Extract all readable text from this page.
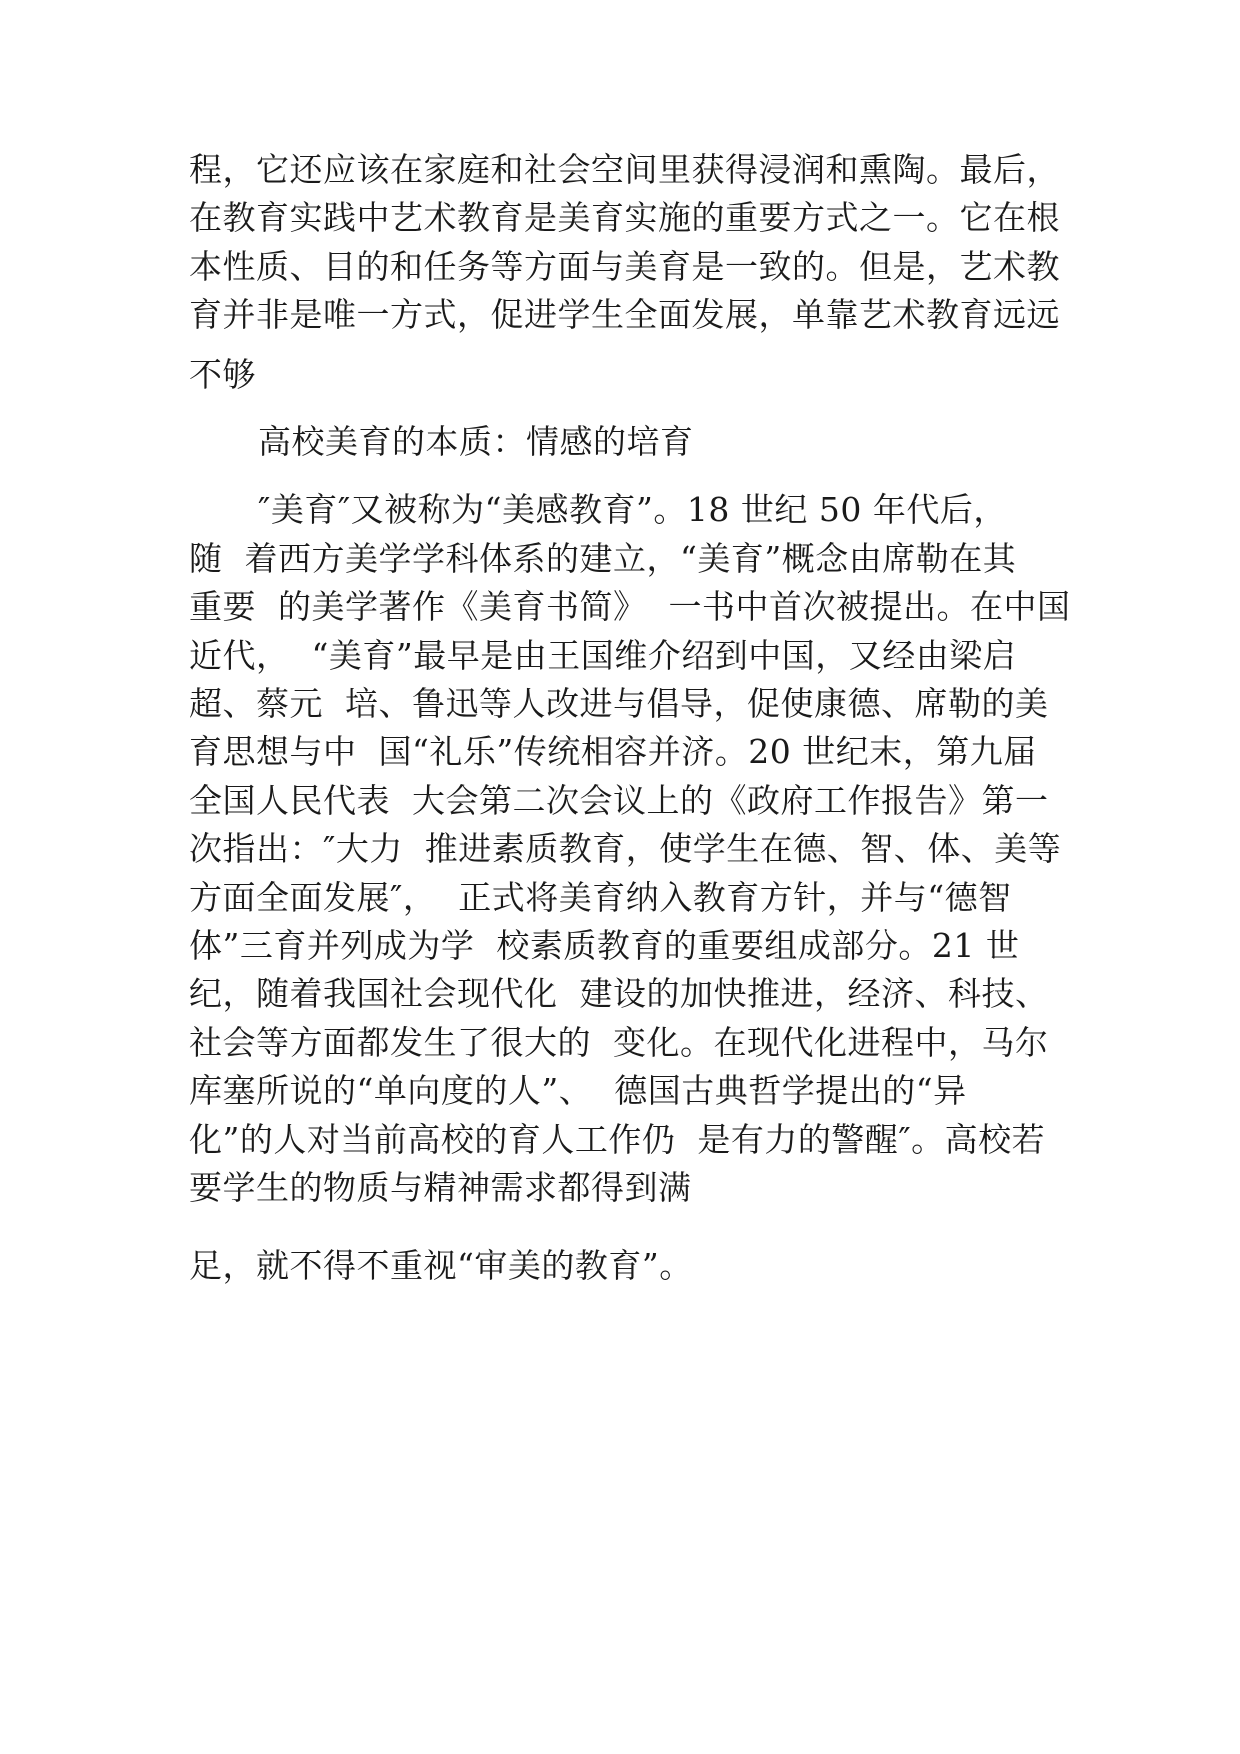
程，它还应该在家庭和社会空间里获得浸润和熏陶。最后，
在教育实践中艺术教育是美育实施的重要方式之一。它在根
本性质、目的和任务等方面与美育是一致的。但是，艺术教
育并非是唯一方式，促进学生全面发展，单靠艺术教育远远
不够
高校美育的本质：情感的培育
″美育″又被称为“美感教育”。18 世纪 50 年代后，
随  着西方美学学科体系的建立，“美育”概念由席勒在其
重要  的美学著作《美育书简》  一书中首次被提出。在中国
近代，  “美育”最早是由王国维介绍到中国，又经由梁启
超、蔡元  培、鲁迅等人改进与倡导，促使康德、席勒的美
育思想与中  国“礼乐”传统相容并济。20 世纪末，第九届
全国人民代表  大会第二次会议上的《政府工作报告》第一
次指出：″大力  推进素质教育，使学生在德、智、体、美等
方面全面发展″，  正式将美育纳入教育方针，并与“德智
体”三育并列成为学  校素质教育的重要组成部分。21 世
纪，随着我国社会现代化  建设的加快推进，经济、科技、
社会等方面都发生了很大的  变化。在现代化进程中，马尔
库塞所说的“单向度的人”、  德国古典哲学提出的“异
化”的人对当前高校的育人工作仍  是有力的警醒″。高校若
要学生的物质与精神需求都得到满
足，就不得不重视“审美的教育”。
